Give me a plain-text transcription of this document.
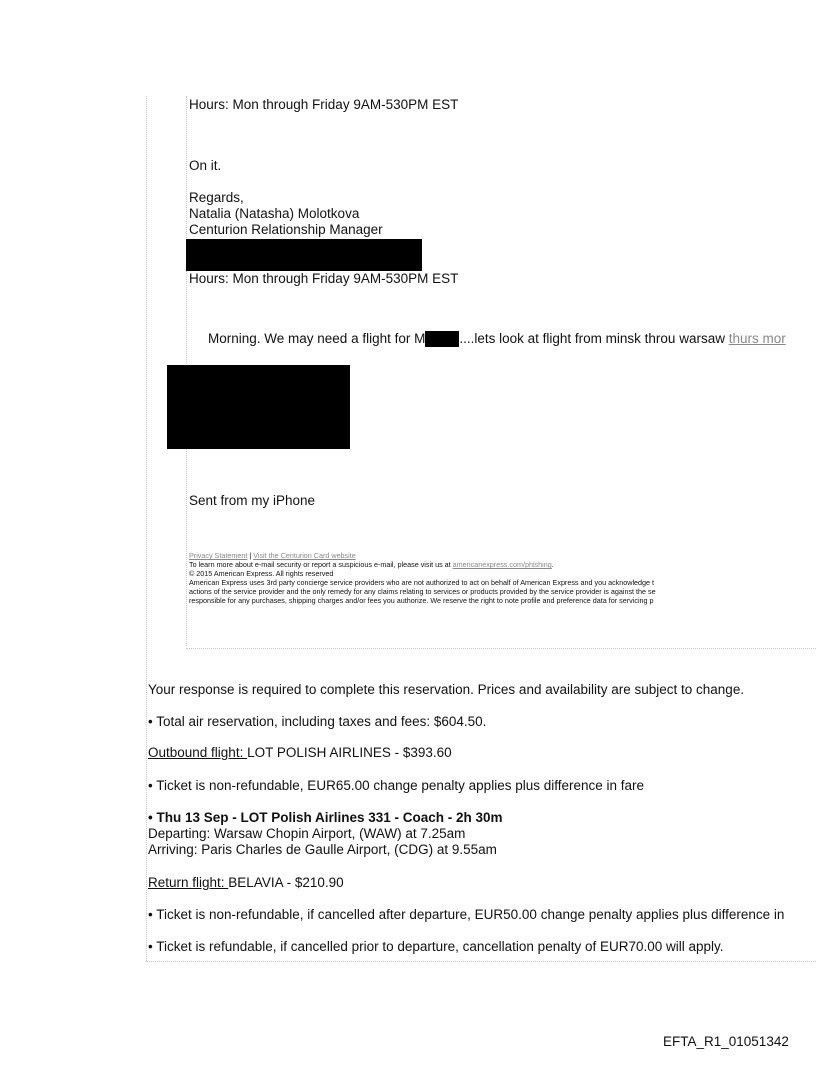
Hours: Mon through Friday 9AM-530PM EST
On it.
Regards,
Natalia (Natasha) Molotkova
Centurion Relationship Manager
Hours: Mon through Friday 9AM-530PM EST
Morning. We may need a flight for M	....lets look at flight from minsk throu warsaw thurs mor
Sent from my iPhone
Privacy Statement | Visit the Centurion Card website
To learn more about e-mail security or report a suspicious e-mail, please visit us at americanexpress.com/phishing.
© 2015 American Express. All rights reserved
American Express uses 3rd party concierge service providers who are not authorized to act on behalf of American Express and you acknowledge t
actions of the service provider and the only remedy for any claims relating to services or products provided by the service provider is against the se
responsible for any purchases, shipping charges and/or fees you authorize. We reserve the right to note profile and preference data for servicing p
Your response is required to complete this reservation. Prices and availability are subject to change.
• Total air reservation, including taxes and fees: $604.50.
Outbound flight: LOT POLISH AIRLINES - $393.60
• Ticket is non-refundable, EUR65.00 change penalty applies plus difference in fare
• Thu 13 Sep - LOT Polish Airlines 331 - Coach - 2h 30m
Departing: Warsaw Chopin Airport, (WAW) at 7.25am
Arriving: Paris Charles de Gaulle Airport, (CDG) at 9.55am
Return flight: BELAVIA - $210.90
• Ticket is non-refundable, if cancelled after departure, EUR50.00 change penalty applies plus difference in
• Ticket is refundable, if cancelled prior to departure, cancellation penalty of EUR70.00 will apply.
EFTA_R1_01051342
